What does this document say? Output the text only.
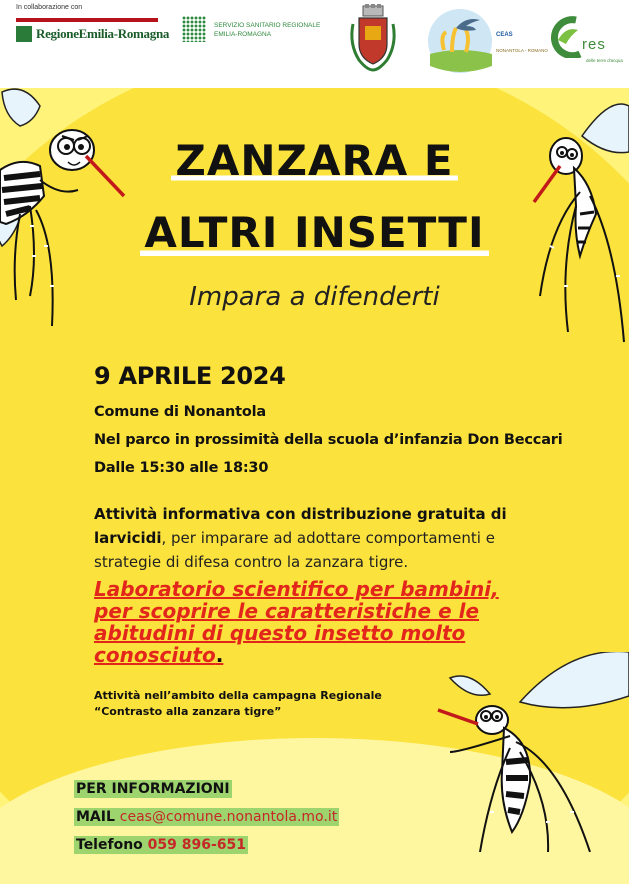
In collaborazione con
RegioneEmilia-Romagna
SERVIZIO SANITARIO REGIONALE
EMILIA-ROMAGNA	CEAS
NONANTOLA - ROMANO res
delle terre d'acqua
ZANZARA E
ALTRI INSETTI
Impara a difenderti
9 APRILE 2024
Comune di Nonantola
Nel parco in prossimità della scuola d’infanzia Don Beccari
Dalle 15:30 alle 18:30
Attività informativa con distribuzione gratuita di larvicidi, per imparare ad adottare comportamenti e strategie di difesa contro la zanzara tigre.
Laboratorio scientifico per bambini,
per scoprire le caratteristiche e le
abitudini di questo insetto molto
conosciuto.
Attività nell’ambito della campagna Regionale
“Contrasto alla zanzara tigre”
PER INFORMAZIONI
MAIL ceas@comune.nonantola.mo.it
Telefono 059 896-651
